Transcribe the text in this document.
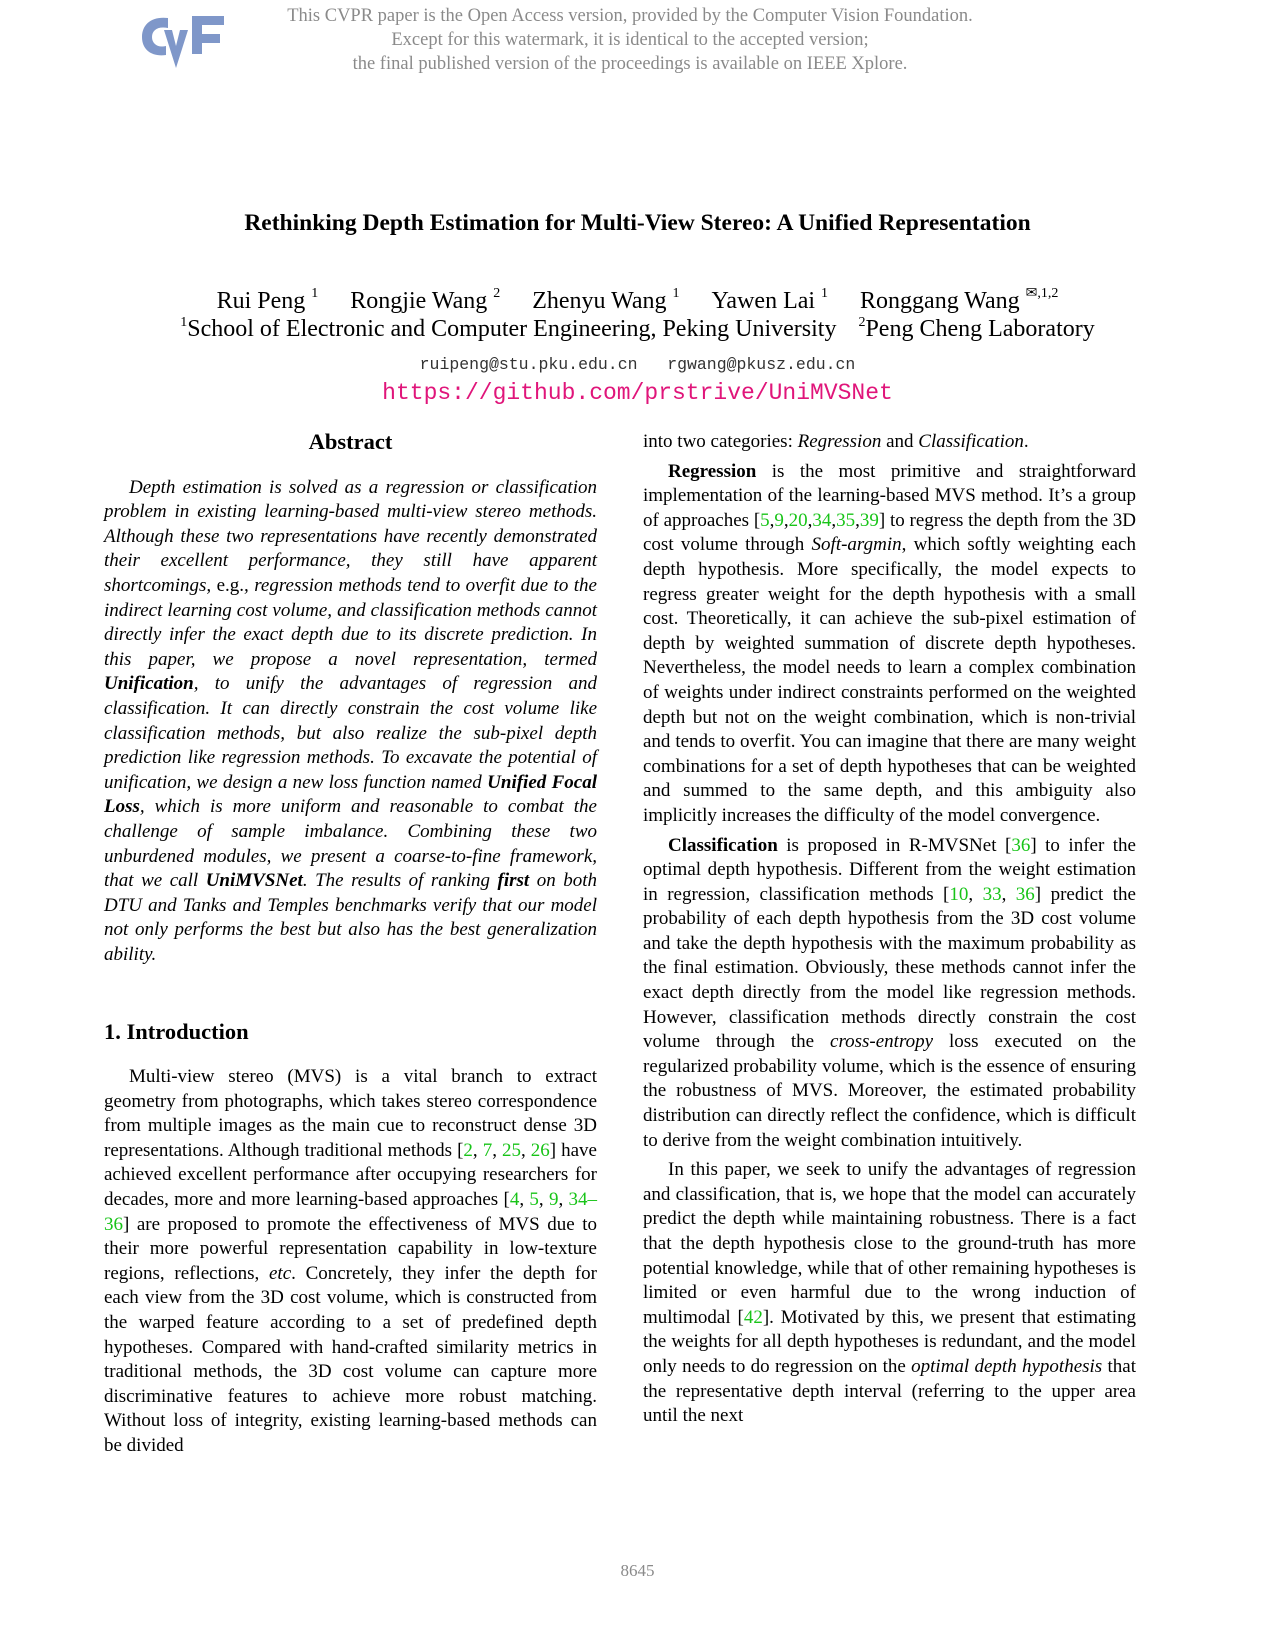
This CVPR paper is the Open Access version, provided by the Computer Vision Foundation.
Except for this watermark, it is identical to the accepted version;
the final published version of the proceedings is available on IEEE Xplore.
Rethinking Depth Estimation for Multi-View Stereo: A Unified Representation
Rui Peng $^1$ Rongjie Wang $^2$ Zhenyu Wang $^1$ Yawen Lai $^1$ Ronggang Wang $^{✉,1,2}$
$^1$School of Electronic and Computer Engineering, Peking University $^2$Peng Cheng Laboratory
ruipeng@stu.pku.edu.cn   rgwang@pkusz.edu.cn
https://github.com/prstrive/UniMVSNet
Abstract

Depth estimation is solved as a regression or classification problem in existing learning-based multi-view stereo methods. Although these two representations have recently demonstrated their excellent performance, they still have apparent shortcomings, e.g., regression methods tend to overfit due to the indirect learning cost volume, and classification methods cannot directly infer the exact depth due to its discrete prediction. In this paper, we propose a novel representation, termed Unification, to unify the advantages of regression and classification. It can directly constrain the cost volume like classification methods, but also realize the sub-pixel depth prediction like regression methods. To excavate the potential of unification, we design a new loss function named Unified Focal Loss, which is more uniform and reasonable to combat the challenge of sample imbalance. Combining these two unburdened modules, we present a coarse-to-fine framework, that we call UniMVSNet. The results of ranking first on both DTU and Tanks and Temples benchmarks verify that our model not only performs the best but also has the best generalization ability.

1. Introduction

Multi-view stereo (MVS) is a vital branch to extract geometry from photographs, which takes stereo correspondence from multiple images as the main cue to reconstruct dense 3D representations. Although traditional methods [2, 7, 25, 26] have achieved excellent performance after occupying researchers for decades, more and more learning-based approaches [4, 5, 9, 34–36] are proposed to promote the effectiveness of MVS due to their more powerful representation capability in low-texture regions, reflections, etc. Concretely, they infer the depth for each view from the 3D cost volume, which is constructed from the warped feature according to a set of predefined depth hypotheses. Compared with hand-crafted similarity metrics in traditional methods, the 3D cost volume can capture more discriminative features to achieve more robust matching. Without loss of integrity, existing learning-based methods can be divided

into two categories: Regression and Classification.

Regression is the most primitive and straightforward implementation of the learning-based MVS method. It’s a group of approaches [5,9,20,34,35,39] to regress the depth from the 3D cost volume through Soft-argmin, which softly weighting each depth hypothesis. More specifically, the model expects to regress greater weight for the depth hypothesis with a small cost. Theoretically, it can achieve the sub-pixel estimation of depth by weighted summation of discrete depth hypotheses. Nevertheless, the model needs to learn a complex combination of weights under indirect constraints performed on the weighted depth but not on the weight combination, which is non-trivial and tends to overfit. You can imagine that there are many weight combinations for a set of depth hypotheses that can be weighted and summed to the same depth, and this ambiguity also implicitly increases the difficulty of the model convergence.

Classification is proposed in R-MVSNet [36] to infer the optimal depth hypothesis. Different from the weight estimation in regression, classification methods [10, 33, 36] predict the probability of each depth hypothesis from the 3D cost volume and take the depth hypothesis with the maximum probability as the final estimation. Obviously, these methods cannot infer the exact depth directly from the model like regression methods. However, classification methods directly constrain the cost volume through the cross-entropy loss executed on the regularized probability volume, which is the essence of ensuring the robustness of MVS. Moreover, the estimated probability distribution can directly reflect the confidence, which is difficult to derive from the weight combination intuitively.

In this paper, we seek to unify the advantages of regression and classification, that is, we hope that the model can accurately predict the depth while maintaining robustness. There is a fact that the depth hypothesis close to the ground-truth has more potential knowledge, while that of other remaining hypotheses is limited or even harmful due to the wrong induction of multimodal [42]. Motivated by this, we present that estimating the weights for all depth hypotheses is redundant, and the model only needs to do regression on the optimal depth hypothesis that the representative depth interval (referring to the upper area until the next

8645
